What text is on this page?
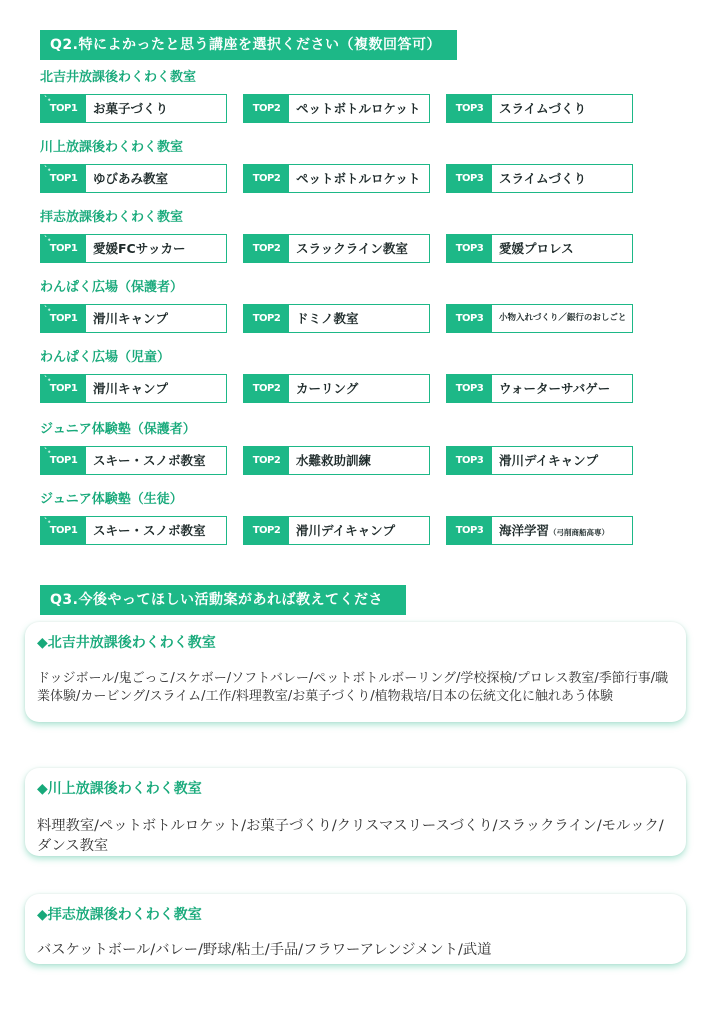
Q2.特によかったと思う講座を選択ください（複数回答可）
北吉井放課後わくわく教室
`˖
TOP1	お菓子づくり	TOP2	ペットボトルロケット	TOP3	スライムづくり
川上放課後わくわく教室
`˖
TOP1	ゆびあみ教室	TOP2	ペットボトルロケット	TOP3	スライムづくり
拝志放課後わくわく教室
`˖
TOP1	愛媛FCサッカー	TOP2	スラックライン教室	TOP3	愛媛プロレス
わんぱく広場（保護者）
`˖
TOP1	滑川キャンプ	TOP2	ドミノ教室	TOP3	小物入れづくり／銀行のおしごと
わんぱく広場（児童）
`˖
TOP1	滑川キャンプ	TOP2	カーリング	TOP3	ウォーターサバゲー
ジュニア体験塾（保護者）
`˖
TOP1	スキー・スノボ教室	TOP2	水難救助訓練	TOP3	滑川デイキャンプ
ジュニア体験塾（生徒）
`˖
TOP1	スキー・スノボ教室	TOP2	滑川デイキャンプ	TOP3	海洋学習（弓削商船高専）
Q3.今後やってほしい活動案があれば教えてくださ
◆北吉井放課後わくわく教室
ドッジボール/鬼ごっこ/スケボー/ソフトバレー/ペットボトルボーリング/学校探検/プロレス教室/季節行事/職業体験/カービング/スライム/工作/料理教室/お菓子づくり/植物栽培/日本の伝統文化に触れあう体験
◆川上放課後わくわく教室
料理教室/ペットボトルロケット/お菓子づくり/クリスマスリースづくり/スラックライン/モルック/ダンス教室
◆拝志放課後わくわく教室
バスケットボール/バレー/野球/粘土/手品/フラワーアレンジメント/武道
